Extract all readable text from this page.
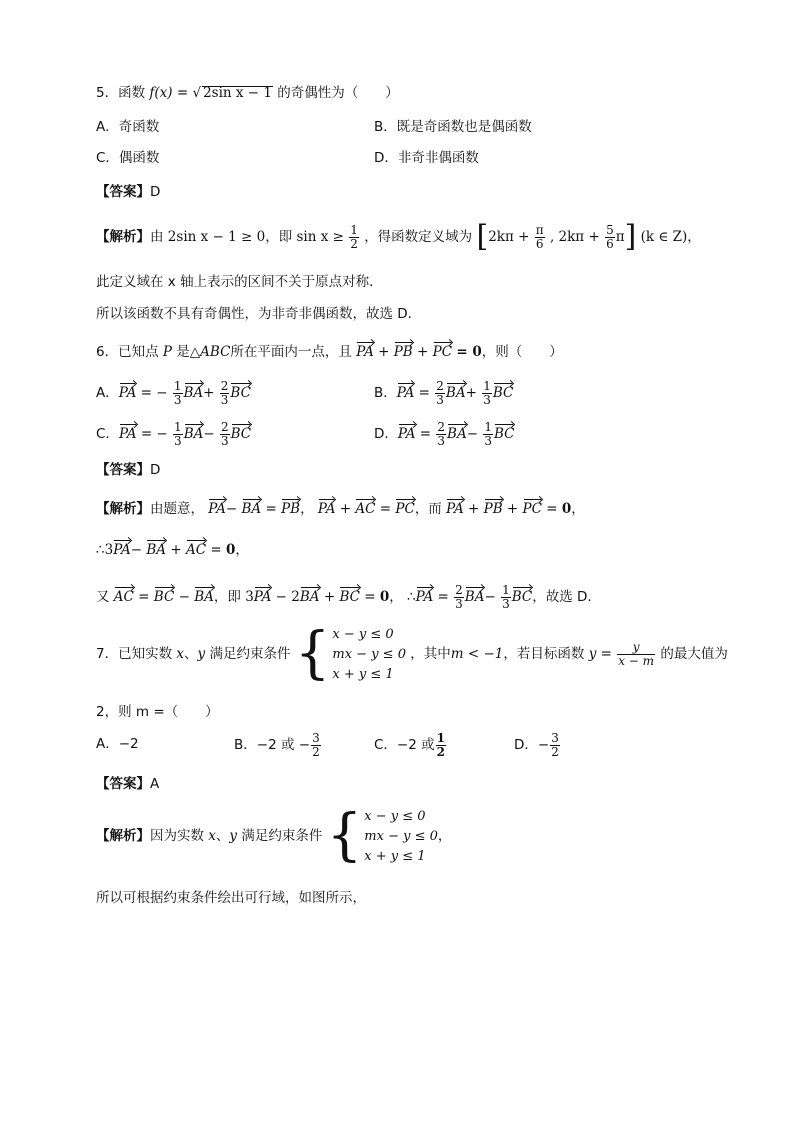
5．函数 f(x) = √ 2sin x − 1 的奇偶性为（　　）
A．奇函数	B．既是奇函数也是偶函数
C．偶函数	D．非奇非偶函数
【答案】D
【解析】由 2sin x − 1 ≥ 0，即 $\sin x \ge \frac{1}{2}$ ，得函数定义域为 [$2k\pi + \frac{\pi}{6}$ , $2k\pi + \frac{5}{6} \pi$] (k ∈ Z)，
此定义域在 x 轴上表示的区间不关于原点对称．
所以该函数不具有奇偶性，为非奇非偶函数，故选 D．
6．已知点 P 是△ABC所在平面内一点，且 PA + PB + PC = 0，则（　　）
A．PA = − $\frac{1}{3} BA+ \frac{2}{3}$ BC	B．PA = $\frac{2}{3} BA+ \frac{1}{3}$ BC
C．PA = − $\frac{1}{3} BA- \frac{2}{3}$ BC	D．PA = $\frac{2}{3} BA- \frac{1}{3}$ BC
【答案】D
【解析】由题意， PA− BA = PB， PA + AC = PC，而 PA + PB + PC = 0，
∴3PA− BA + AC = 0，
又 AC = BC − BA，即 3PA − 2BA + BC = 0， ∴PA = $\frac{2}{3} BA- \frac{1}{3}$ BC，故选 D．
7．已知实数 x、y 满足约束条件 { x − y ≤ 0
mx − y ≤ 0
x + y ≤ 1
，其中m < −1，若目标函数 $y = \frac{y}{x - m}$ 的最大值为
2，则 m =（　　）
A．−2	B．−2 或 − $\frac{3}{2}$	C．−2 或 $\frac{1}{2}$	D．− $\frac{3}{2}$
【答案】A
【解析】因为实数 x、y 满足约束条件 { x − y ≤ 0
mx − y ≤ 0
x + y ≤ 1
，
所以可根据约束条件绘出可行域，如图所示，
